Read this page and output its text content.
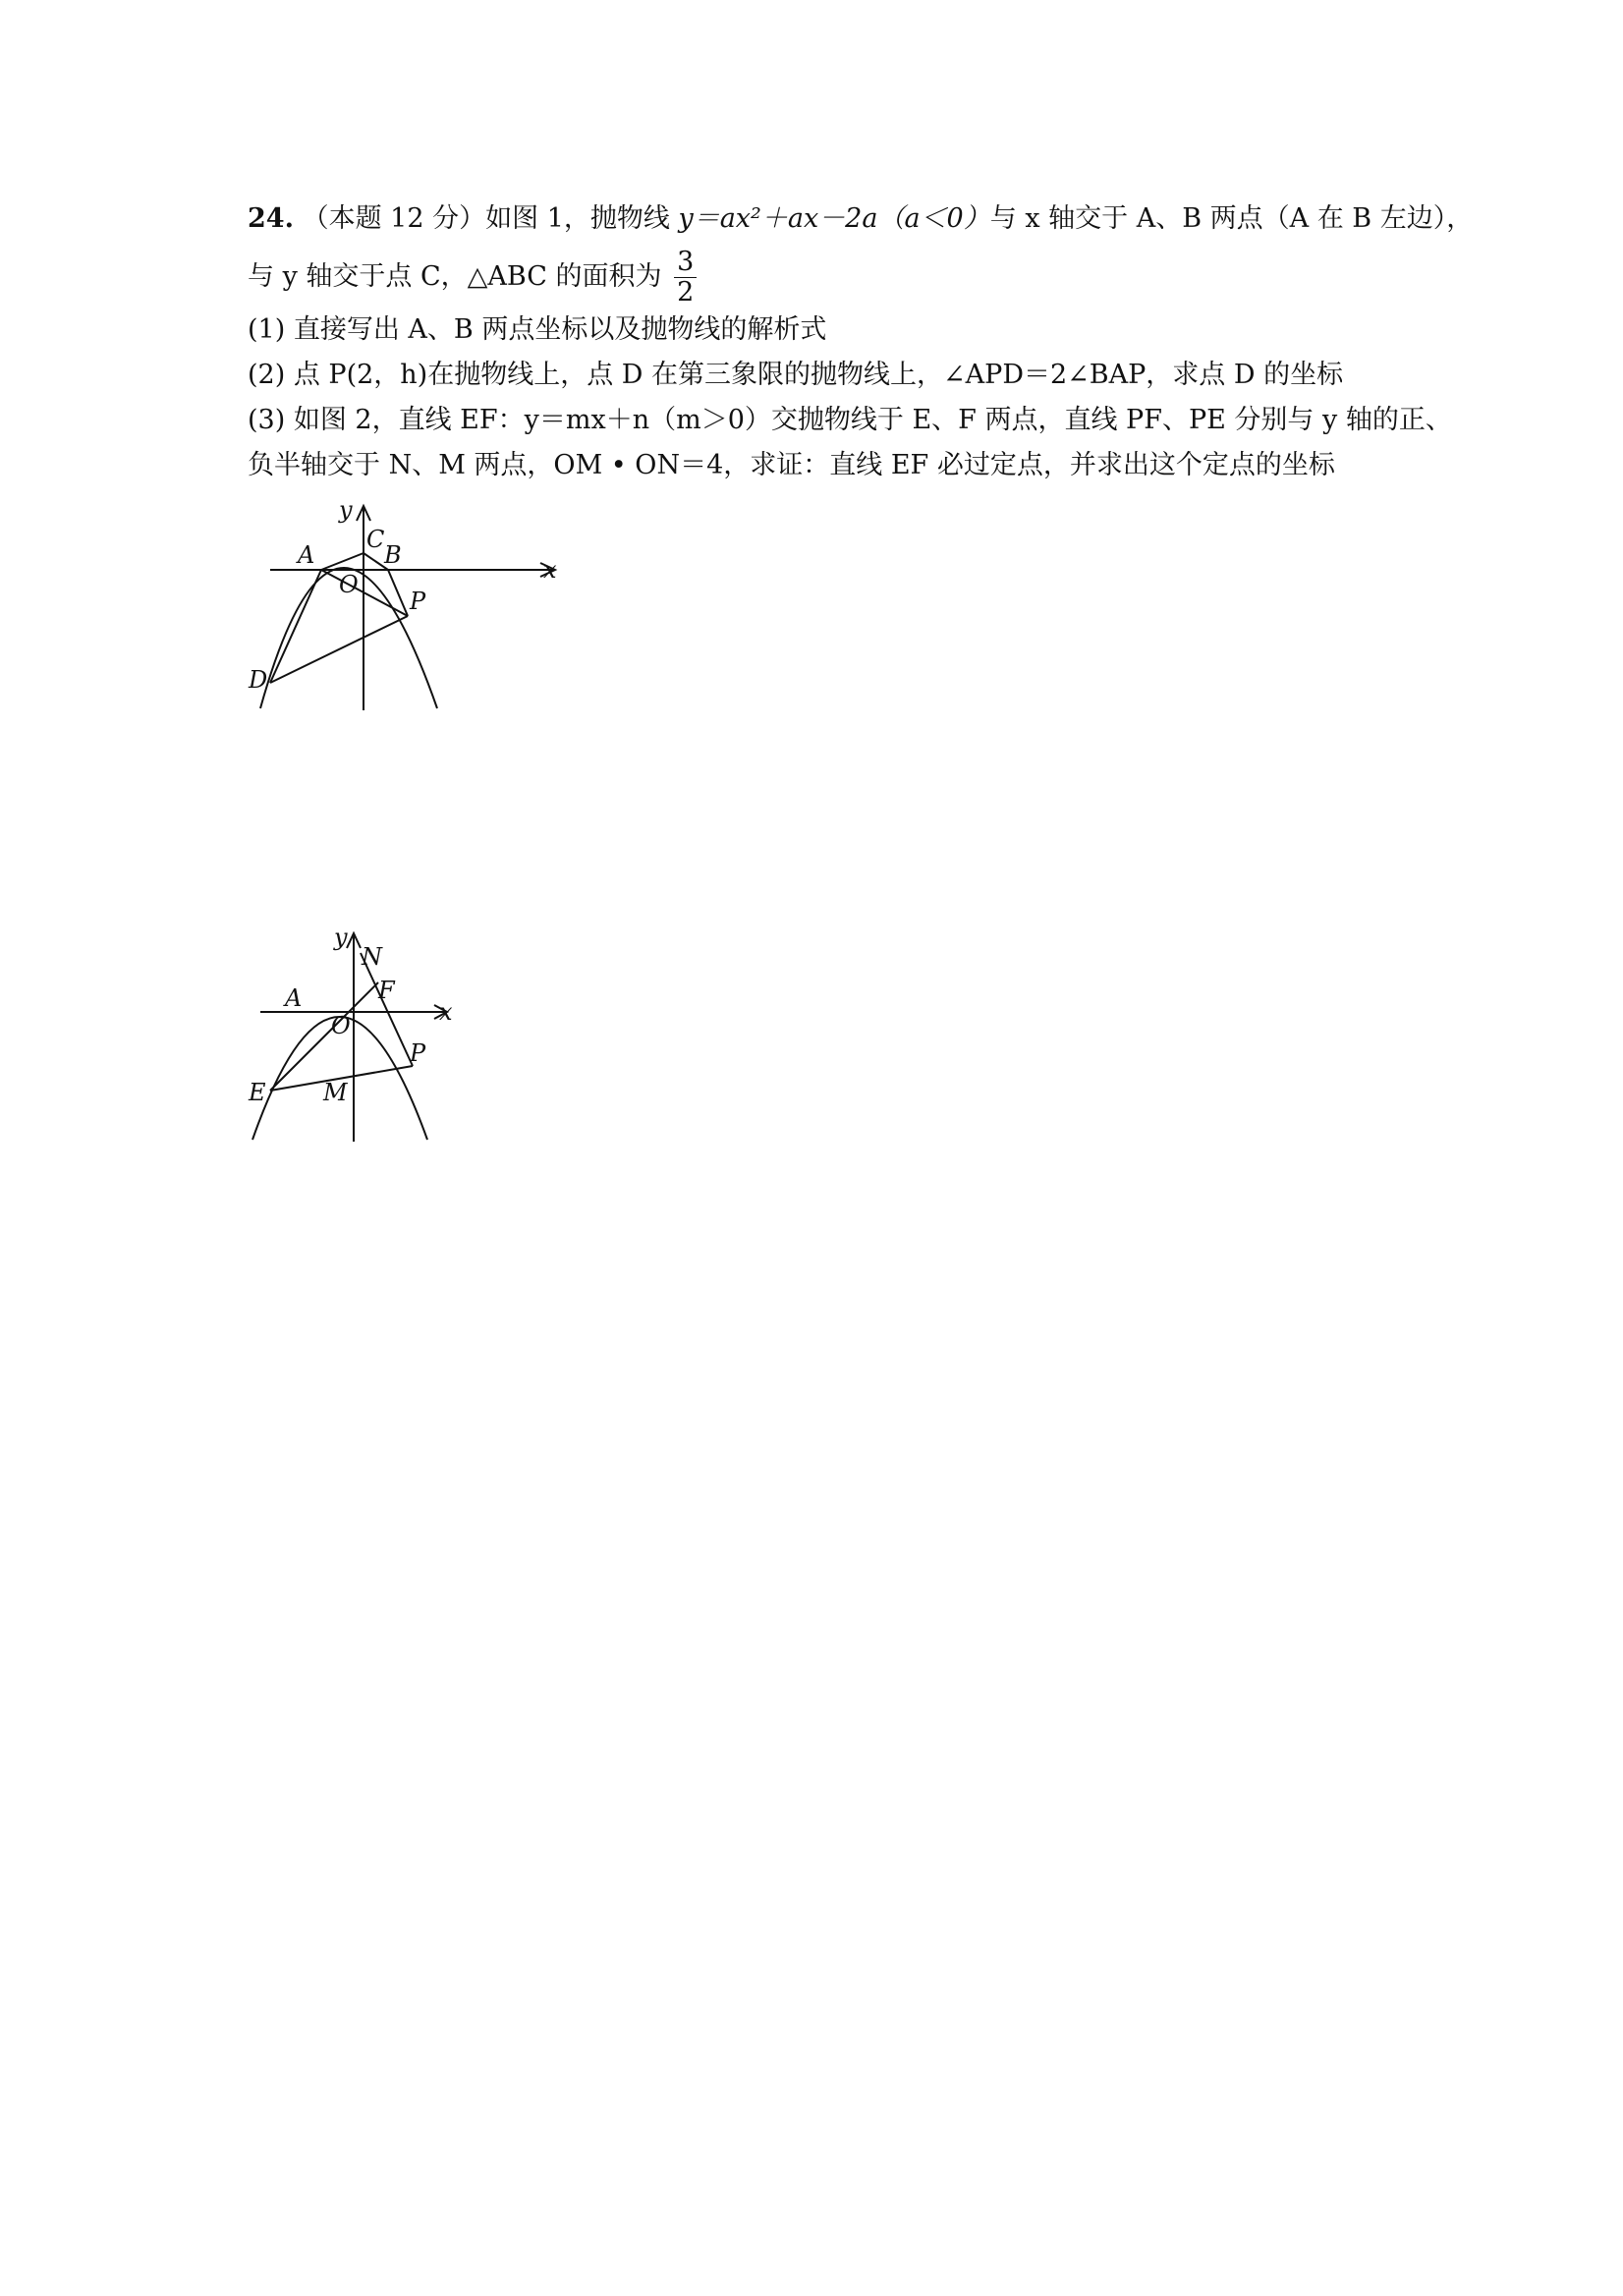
24. （本题 12 分）如图 1，抛物线 y＝ax²＋ax－2a（a＜0）与 x 轴交于 A、B 两点（A 在 B 左边），
与 y 轴交于点 C，△ABC 的面积为 $\frac{3}{2}$
(1) 直接写出 A、B 两点坐标以及抛物线的解析式
(2) 点 P(2，h)在抛物线上，点 D 在第三象限的抛物线上，∠APD＝2∠BAP，求点 D 的坐标
(3) 如图 2，直线 EF：y＝mx＋n（m＞0）交抛物线于 E、F 两点，直线 PF、PE 分别与 y 轴的正、
负半轴交于 N、M 两点，OM • ON＝4，求证：直线 EF 必过定点，并求出这个定点的坐标
y
x
A
C
B
O
P
D
y
N
x
A	F
O
P
E M
